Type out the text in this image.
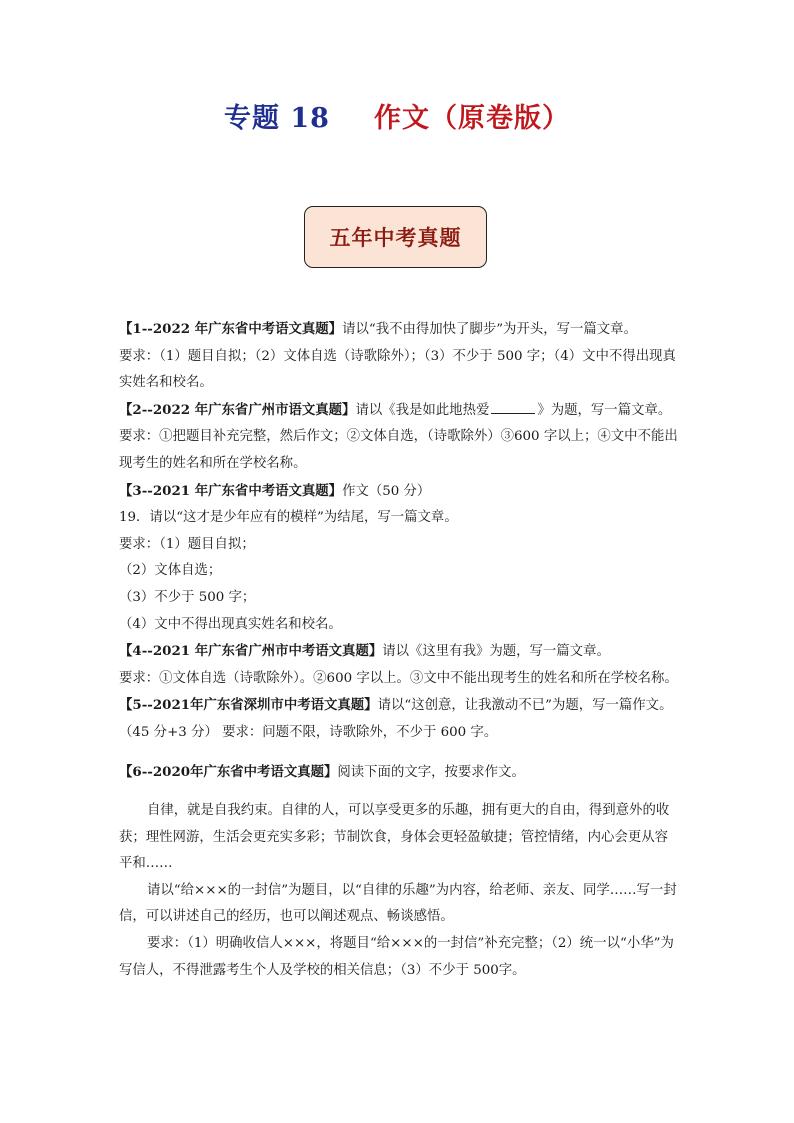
专题 18 作文（原卷版）
五年中考真题

【1--2022 年广东省中考语文真题】请以“我不由得加快了脚步”为开头，写一篇文章。

要求：（1）题目自拟；（2）文体自选（诗歌除外）；（3）不少于 500 字；（4）文中不得出现真实姓名和校名。

【2--2022 年广东省广州市语文真题】请以《我是如此地热爱	》为题，写一篇文章。

要求：①把题目补充完整，然后作文；②文体自选，（诗歌除外）③600 字以上；④文中不能出现考生的姓名和所在学校名称。

【3--2021 年广东省中考语文真题】作文（50 分）

19．请以“这才是少年应有的模样”为结尾，写一篇文章。

要求：（1）题目自拟；

（2）文体自选；

（3）不少于 500 字；

（4）文中不得出现真实姓名和校名。

【4--2021 年广东省广州市中考语文真题】请以《这里有我》为题，写一篇文章。

要求：①文体自选（诗歌除外）。②600 字以上。③文中不能出现考生的姓名和所在学校名称。

【5--2021年广东省深圳市中考语文真题】请以“这创意，让我激动不已”为题，写一篇作文。

（45 分+3 分） 要求：问题不限，诗歌除外，不少于 600 字。

【6--2020年广东省中考语文真题】阅读下面的文字，按要求作文。

自律，就是自我约束。自律的人，可以享受更多的乐趣，拥有更大的自由，得到意外的收获；理性网游，生活会更充实多彩；节制饮食，身体会更轻盈敏捷；管控情绪，内心会更从容平和……

请以“给×××的一封信”为题目，以“自律的乐趣”为内容，给老师、亲友、同学……写一封信，可以讲述自己的经历，也可以阐述观点、畅谈感悟。

要求：（1）明确收信人×××，将题目“给×××的一封信”补充完整；（2）统一以“小华”为写信人，不得泄露考生个人及学校的相关信息；（3）不少于 500字。
